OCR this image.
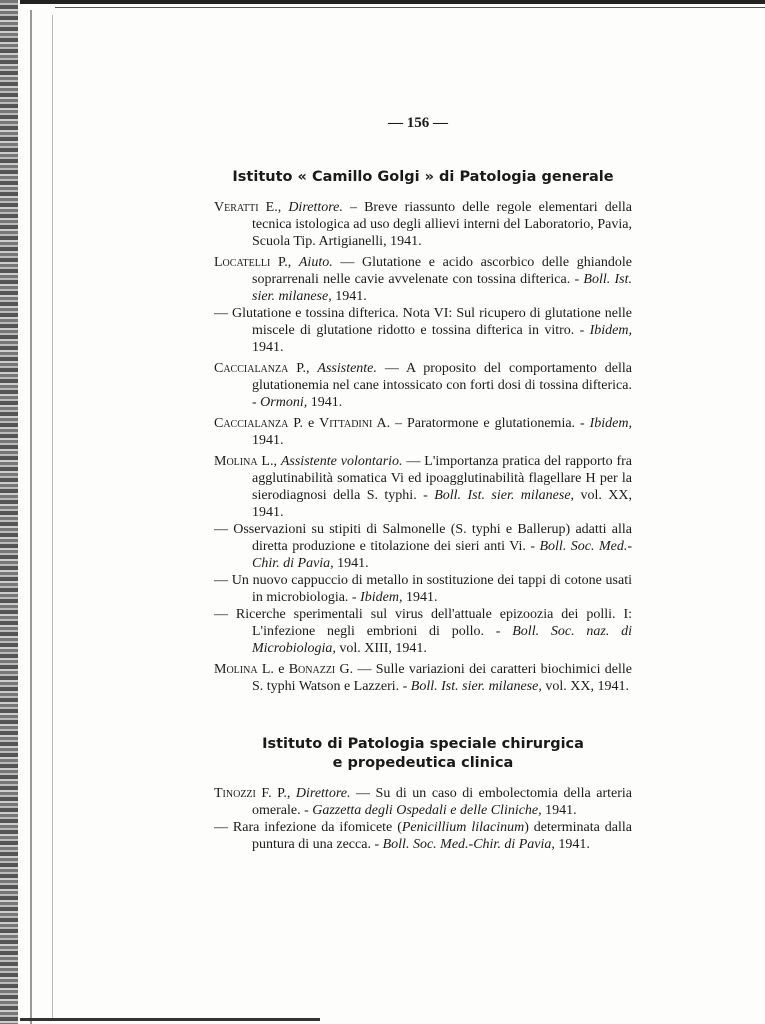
— 156 —
Istituto « Camillo Golgi » di Patologia generale
Veratti E., Direttore. – Breve riassunto delle regole elementari della tecnica istologica ad uso degli allievi interni del Laboratorio, Pavia, Scuola Tip. Artigianelli, 1941.
Locatelli P., Aiuto. — Glutatione e acido ascorbico delle ghiandole soprarrenali nelle cavie avvelenate con tossina difterica. - Boll. Ist. sier. milanese, 1941.
— Glutatione e tossina difterica. Nota VI: Sul ricupero di glutatione nelle miscele di glutatione ridotto e tossina difterica in vitro. - Ibidem, 1941.
Caccialanza P., Assistente. — A proposito del comportamento della glutationemia nel cane intossicato con forti dosi di tossina difterica. - Ormoni, 1941.
Caccialanza P. e Vittadini A. – Paratormone e glutationemia. - Ibidem, 1941.
Molina L., Assistente volontario. — L'importanza pratica del rapporto fra agglutinabilità somatica Vi ed ipoagglutinabilità flagellare H per la sierodiagnosi della S. typhi. - Boll. Ist. sier. milanese, vol. XX, 1941.
— Osservazioni su stipiti di Salmonelle (S. typhi e Ballerup) adatti alla diretta produzione e titolazione dei sieri anti Vi. - Boll. Soc. Med.-Chir. di Pavia, 1941.
— Un nuovo cappuccio di metallo in sostituzione dei tappi di cotone usati in microbiologia. - Ibidem, 1941.
— Ricerche sperimentali sul virus dell'attuale epizoozia dei polli. I: L'infezione negli embrioni di pollo. - Boll. Soc. naz. di Microbiologia, vol. XIII, 1941.
Molina L. e Bonazzi G. — Sulle variazioni dei caratteri biochimici delle S. typhi Watson e Lazzeri. - Boll. Ist. sier. milanese, vol. XX, 1941.
Istituto di Patologia speciale chirurgica
e propedeutica clinica
Tinozzi F. P., Direttore. — Su di un caso di embolectomia della arteria omerale. - Gazzetta degli Ospedali e delle Cliniche, 1941.
— Rara infezione da ifomicete (Penicillium lilacinum) determinata dalla puntura di una zecca. - Boll. Soc. Med.-Chir. di Pavia, 1941.
